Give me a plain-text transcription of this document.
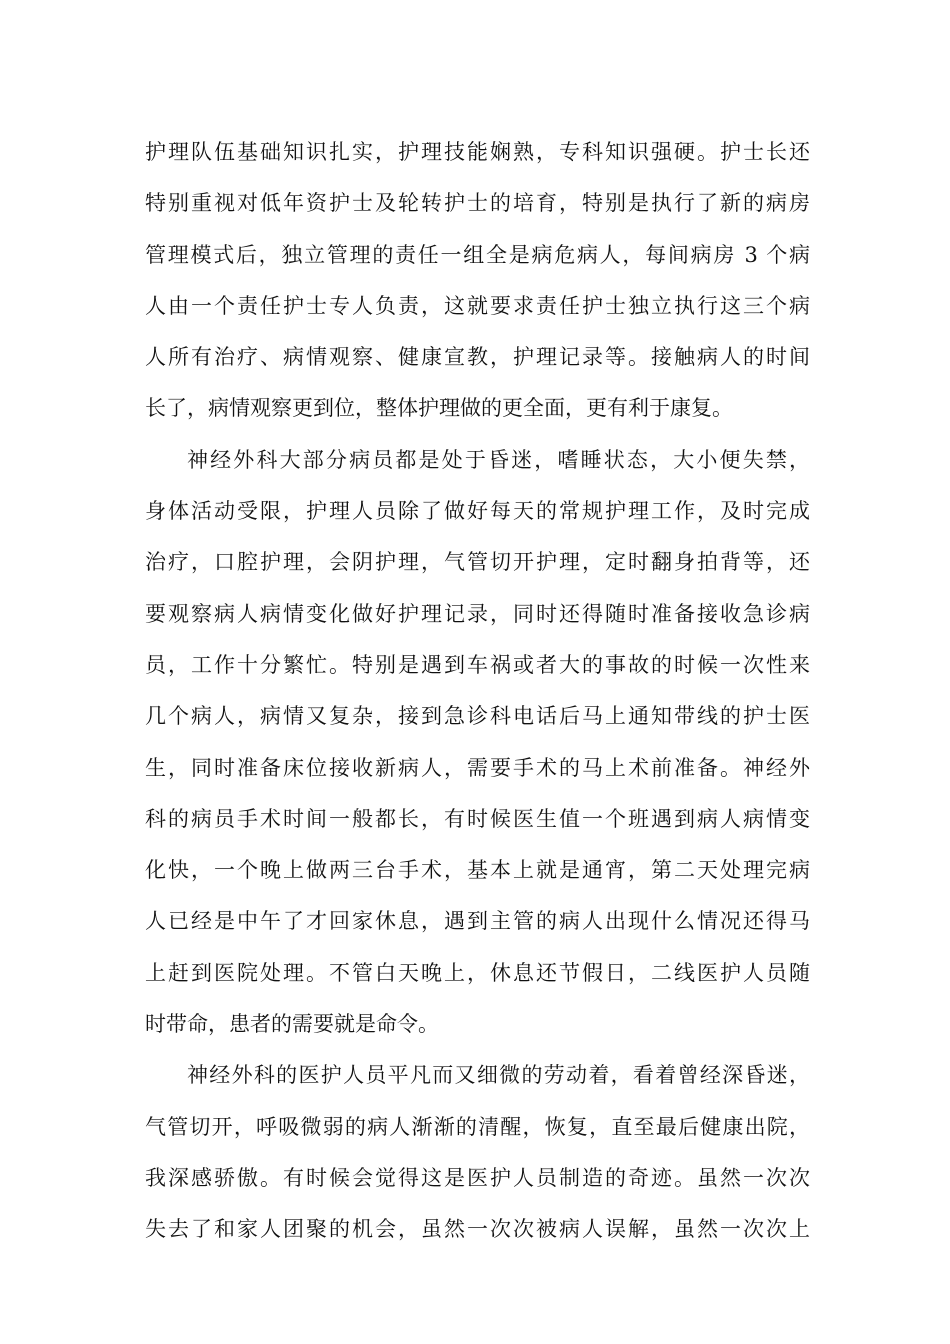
护理队伍基础知识扎实，护理技能娴熟，专科知识强硬。护士长还
特别重视对低年资护士及轮转护士的培育，特别是执行了新的病房
管理模式后，独立管理的责任一组全是病危病人，每间病房 3 个病
人由一个责任护士专人负责，这就要求责任护士独立执行这三个病
人所有治疗、病情观察、健康宣教，护理记录等。接触病人的时间
长了，病情观察更到位，整体护理做的更全面，更有利于康复。
神经外科大部分病员都是处于昏迷，嗜睡状态，大小便失禁，
身体活动受限，护理人员除了做好每天的常规护理工作，及时完成
治疗，口腔护理，会阴护理，气管切开护理，定时翻身拍背等，还
要观察病人病情变化做好护理记录，同时还得随时准备接收急诊病
员，工作十分繁忙。特别是遇到车祸或者大的事故的时候一次性来
几个病人，病情又复杂，接到急诊科电话后马上通知带线的护士医
生，同时准备床位接收新病人，需要手术的马上术前准备。神经外
科的病员手术时间一般都长，有时候医生值一个班遇到病人病情变
化快，一个晚上做两三台手术，基本上就是通宵，第二天处理完病
人已经是中午了才回家休息，遇到主管的病人出现什么情况还得马
上赶到医院处理。不管白天晚上，休息还节假日，二线医护人员随
时带命，患者的需要就是命令。
神经外科的医护人员平凡而又细微的劳动着，看着曾经深昏迷，
气管切开，呼吸微弱的病人渐渐的清醒，恢复，直至最后健康出院，
我深感骄傲。有时候会觉得这是医护人员制造的奇迹。虽然一次次
失去了和家人团聚的机会，虽然一次次被病人误解，虽然一次次上
